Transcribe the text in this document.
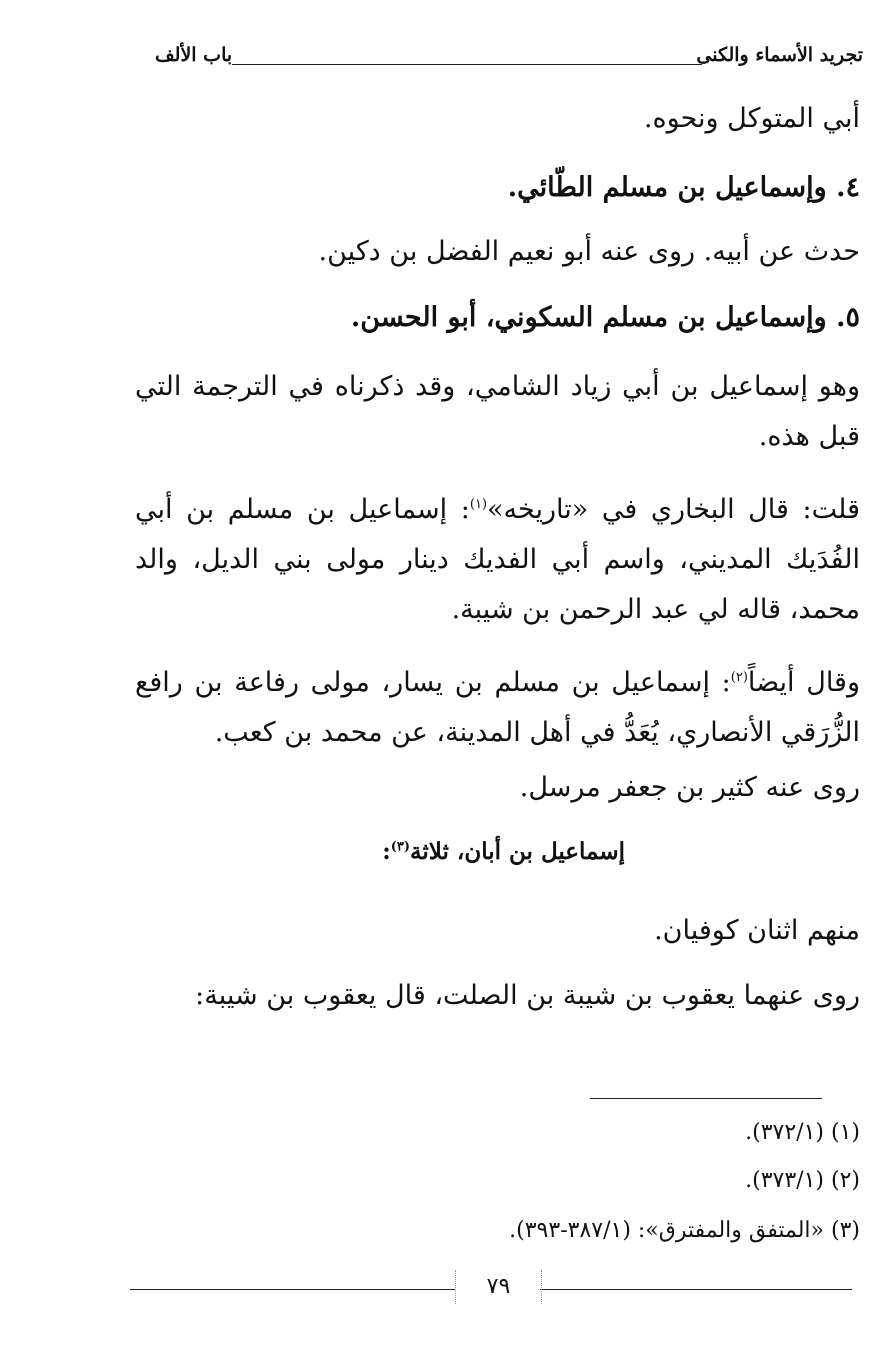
تجريد الأسماء والكنى
باب الألف

أبي المتوكل ونحوه.

٤. وإسماعيل بن مسلم الطّائي.

حدث عن أبيه. روى عنه أبو نعيم الفضل بن دكين.

٥. وإسماعيل بن مسلم السكوني، أبو الحسن.

وهو إسماعيل بن أبي زياد الشامي، وقد ذكرناه في الترجمة التي قبل هذه.

قلت: قال البخاري في «تاريخه»$^{(١)}$: إسماعيل بن مسلم بن أبي الفُدَيك المديني، واسم أبي الفديك دينار مولى بني الديل، والد محمد، قاله لي عبد الرحمن بن شيبة.

وقال أيضاً$^{(٢)}$: إسماعيل بن مسلم بن يسار، مولى رفاعة بن رافع الزُّرَقي الأنصاري، يُعَدُّ في أهل المدينة، عن محمد بن كعب.

روى عنه كثير بن جعفر مرسل.

إسماعيل بن أبان، ثلاثة$^{(٣)}$:

منهم اثنان كوفيان.

روى عنهما يعقوب بن شيبة بن الصلت، قال يعقوب بن شيبة:

(١) (٣٧٢/١).

(٢) (٣٧٣/١).

(٣) «المتفق والمفترق»: (٣٨٧/١-٣٩٣).

٧٩
